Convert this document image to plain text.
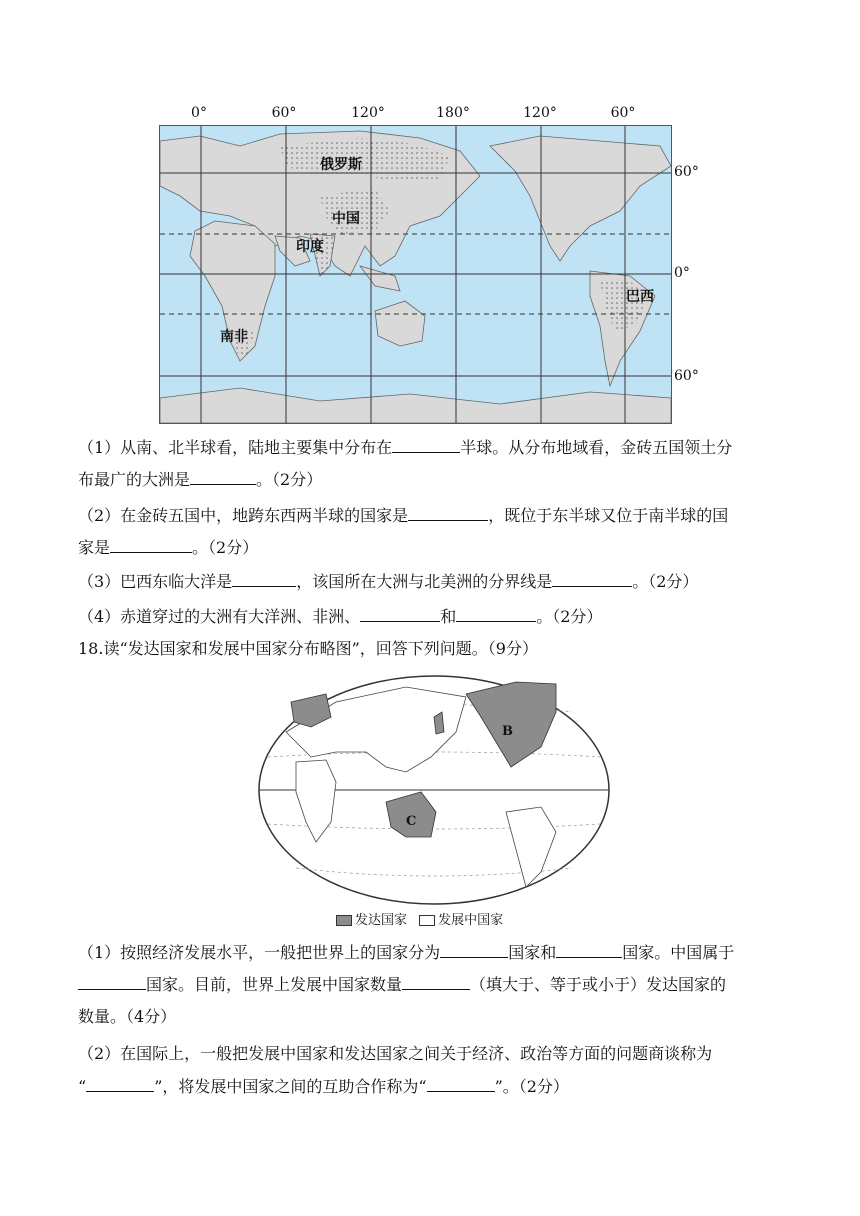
0°	60°	120°	180°	120°	60°
60°
0°
60°
俄罗斯
中国
印度
巴西
南非
（1）从南、北半球看，陆地主要集中分布在	半球。从分布地域看，金砖五国领土分
布最广的大洲是	。（2分）
（2）在金砖五国中，地跨东西两半球的国家是	，既位于东半球又位于南半球的国
家是	。（2分）
（3）巴西东临大洋是	，该国所在大洲与北美洲的分界线是	。（2分）
（4）赤道穿过的大洲有大洋洲、非洲、	和	。（2分）
18.读“发达国家和发展中国家分布略图”，回答下列问题。（9分）
B
C
发达国家 发展中国家
（1）按照经济发展水平，一般把世界上的国家分为	国家和	国家。中国属于
国家。目前，世界上发展中国家数量	（填大于、等于或小于）发达国家的
数量。（4分）
（2）在国际上，一般把发展中国家和发达国家之间关于经济、政治等方面的问题商谈称为
“	”，将发展中国家之间的互助合作称为“	”。（2分）
